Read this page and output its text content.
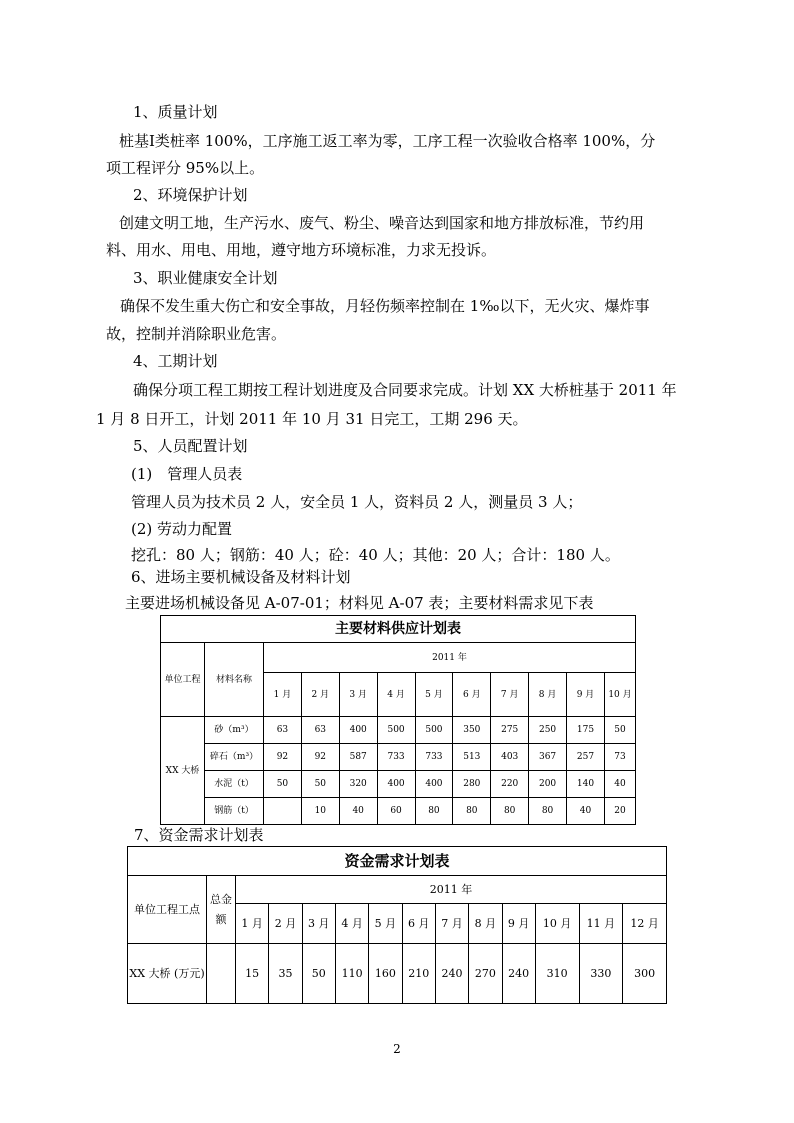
1、质量计划
桩基Ⅰ类桩率 100%，工序施工返工率为零，工序工程一次验收合格率 100%，分
项工程评分 95%以上。
2、环境保护计划
创建文明工地，生产污水、废气、粉尘、噪音达到国家和地方排放标准，节约用
料、用水、用电、用地，遵守地方环境标准，力求无投诉。
3、职业健康安全计划
确保不发生重大伤亡和安全事故，月轻伤频率控制在 1‰以下，无火灾、爆炸事
故，控制并消除职业危害。
4、工期计划
确保分项工程工期按工程计划进度及合同要求完成。计划 XX 大桥桩基于 2011 年
1 月 8 日开工，计划 2011 年 10 月 31 日完工，工期 296 天。
5、人员配置计划
(1)　管理人员表
管理人员为技术员 2 人，安全员 1 人，资料员 2 人，测量员 3 人；
(2) 劳动力配置
挖孔：80 人；钢筋：40 人；砼：40 人；其他：20 人；合计：180 人。
6、进场主要机械设备及材料计划
主要进场机械设备见 A-07-01；材料见 A-07 表；主要材料需求见下表
主要材料供应计划表											
单位工程	材料名称	2011 年									
		1 月	2 月	3 月	4 月	5 月	6 月	7 月	8 月	9 月	10 月
XX 大桥	砂（m³）	63	63	400	500	500	350	275	250	175	50
	碎石（m³）	92	92	587	733	733	513	403	367	257	73
	水泥（t）	50	50	320	400	400	280	220	200	140	40
	钢筋（t）		10	40	60	80	80	80	80	40	20
7、资金需求计划表
资金需求计划表													
单位工程工点	总金额	2011 年											
		1 月	2 月	3 月	4 月	5 月	6 月	7 月	8 月	9 月	10 月	11 月	12 月
XX 大桥 (万元)		15	35	50	110	160	210	240	270	240	310	330	300
2
